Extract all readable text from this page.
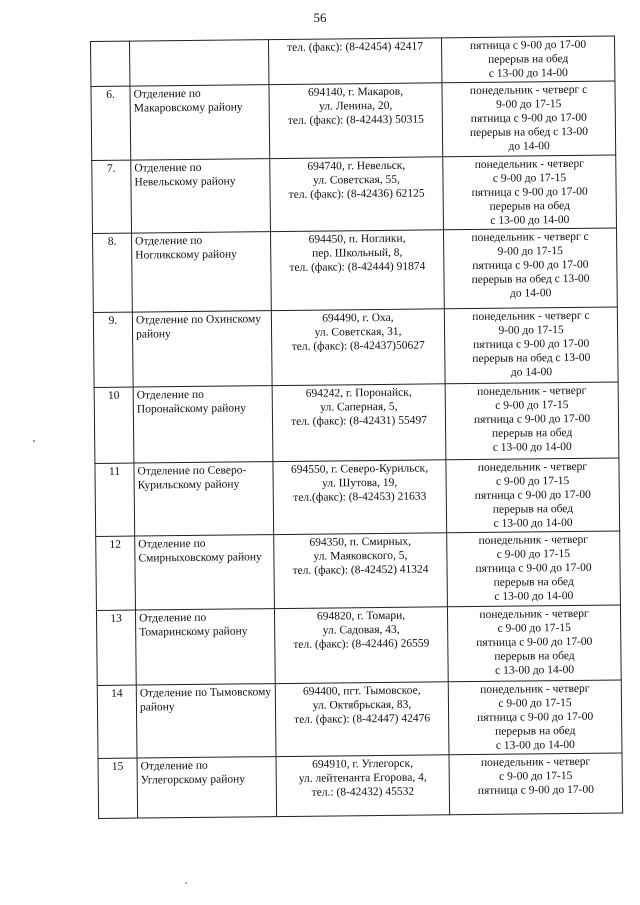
56

		тел. (факс): (8-42454) 42417	пятница с 9-00 до 17-00
перерыв на обед
с 13-00 до 14-00

6.	Отделение по Макаровскому району	694140, г. Макаров,
ул. Ленина, 20,
тел. (факс): (8-42443) 50315	понедельник - четверг с
9-00 до 17-15
пятница с 9-00 до 17-00
перерыв на обед с 13-00
до 14-00

7.	Отделение по Невельскому району	694740, г. Невельск,
ул. Советская, 55,
тел. (факс): (8-42436) 62125	понедельник - четверг
с 9-00 до 17-15
пятница с 9-00 до 17-00
перерыв на обед
с 13-00 до 14-00

8.	Отделение по Ногликскому району	694450, п. Ноглики,
пер. Школьный, 8,
тел. (факс): (8-42444) 91874	понедельник - четверг с
9-00 до 17-15
пятница с 9-00 до 17-00
перерыв на обед с 13-00
до 14-00

9.	Отделение по Охинскому району	694490, г. Оха,
ул. Советская, 31,
тел. (факс): (8-42437)50627	понедельник - четверг с
9-00 до 17-15
пятница с 9-00 до 17-00
перерыв на обед с 13-00
до 14-00

10	Отделение по Поронайскому району	694242, г. Поронайск,
ул. Саперная, 5,
тел. (факс): (8-42431) 55497	понедельник - четверг
с 9-00 до 17-15
пятница с 9-00 до 17-00
перерыв на обед
с 13-00 до 14-00

11	Отделение по Северо-Курильскому району	694550, г. Северо-Курильск,
ул. Шутова, 19,
тел.(факс): (8-42453) 21633	понедельник - четверг
с 9-00 до 17-15
пятница с 9-00 до 17-00
перерыв на обед
с 13-00 до 14-00

12	Отделение по Смирныховскому району	694350, п. Смирных,
ул. Маяковского, 5,
тел. (факс): (8-42452) 41324	понедельник - четверг
с 9-00 до 17-15
пятница с 9-00 до 17-00
перерыв на обед
с 13-00 до 14-00

13	Отделение по Томаринскому району	694820, г. Томари,
ул. Садовая, 43,
тел. (факс): (8-42446) 26559	понедельник - четверг
с 9-00 до 17-15
пятница с 9-00 до 17-00
перерыв на обед
с 13-00 до 14-00

14	Отделение по Тымовскому району	694400, пгт. Тымовское,
ул. Октябрьская, 83,
тел. (факс): (8-42447) 42476	понедельник - четверг
с 9-00 до 17-15
пятница с 9-00 до 17-00
перерыв на обед
с 13-00 до 14-00

15	Отделение по Углегорскому району	694910, г. Углегорск,
ул. лейтенанта Егорова, 4,
тел.: (8-42432) 45532	понедельник - четверг
с 9-00 до 17-15
пятница с 9-00 до 17-00
